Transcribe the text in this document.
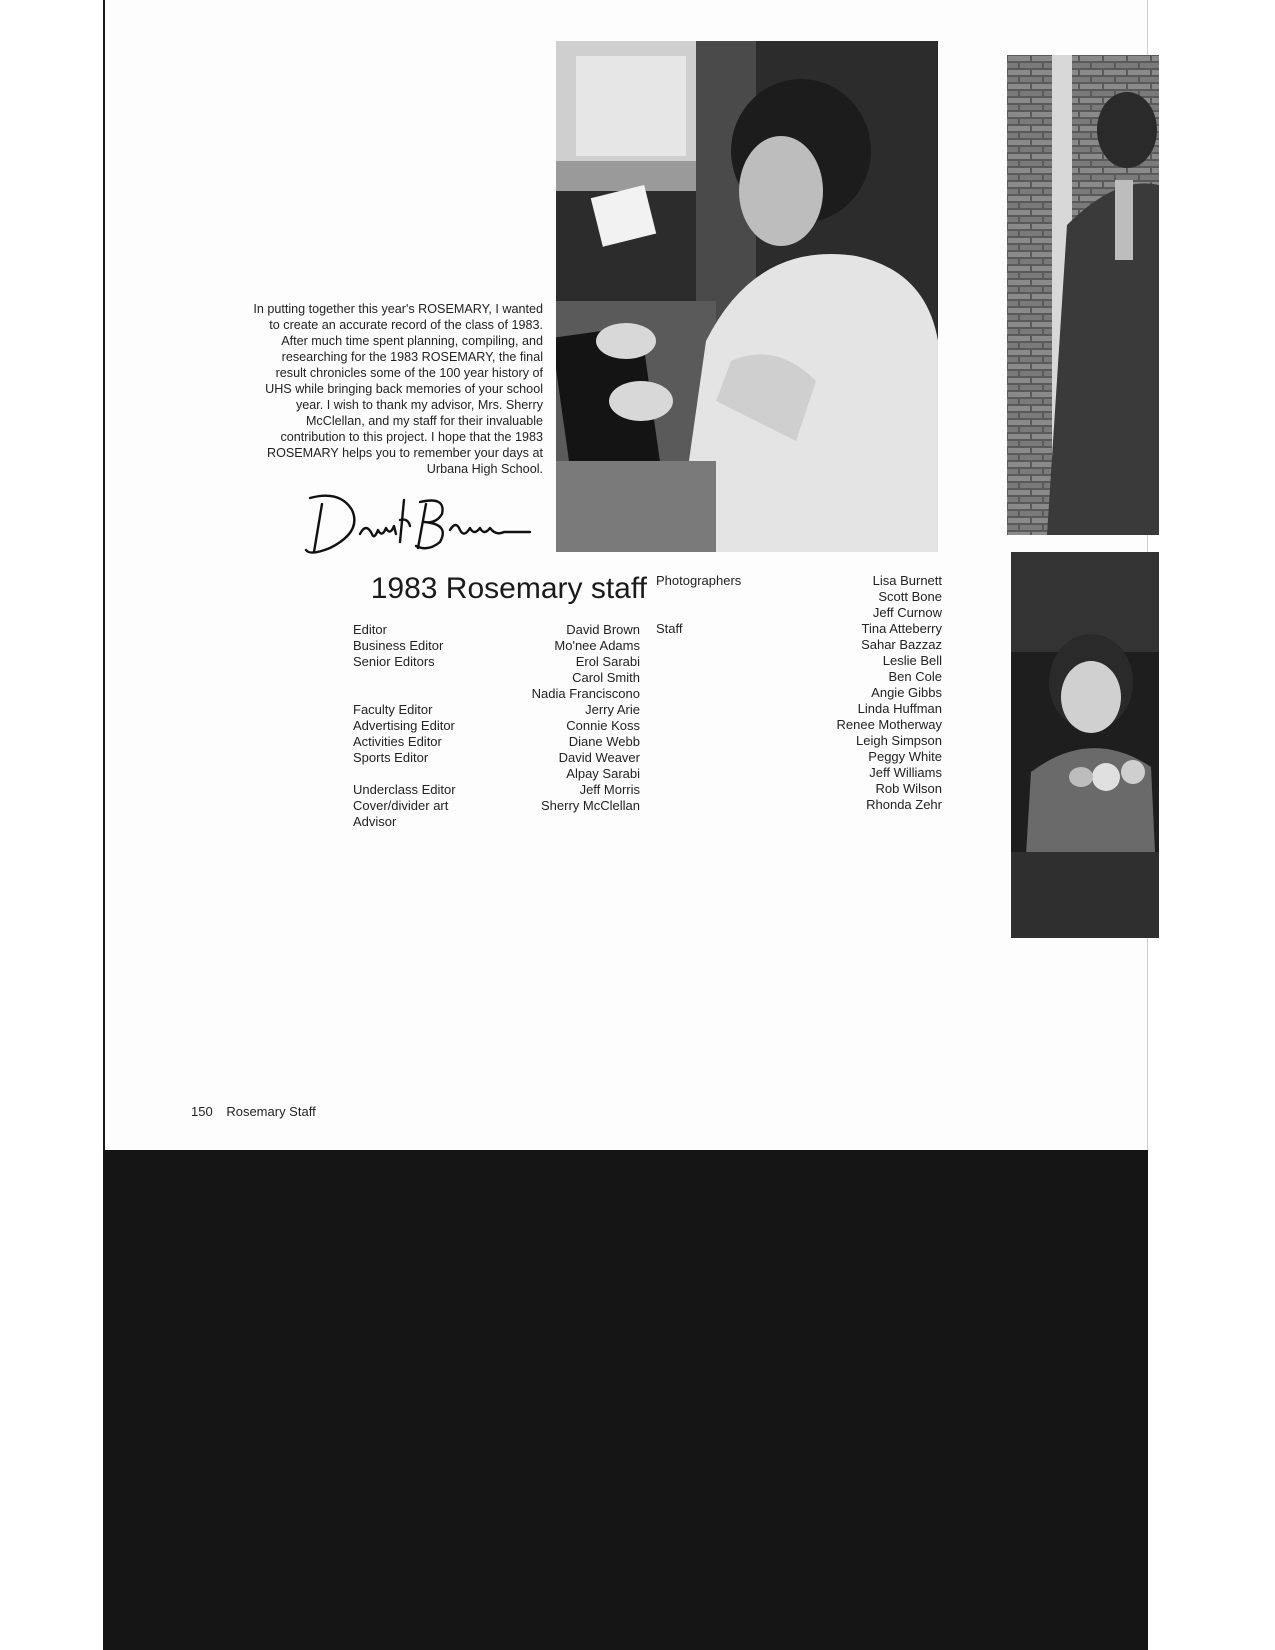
In putting together this year's ROSEMARY, I wanted to create an accurate record of the class of 1983. After much time spent planning, compiling, and researching for the 1983 ROSEMARY, the final result chronicles some of the 100 year history of UHS while bringing back memories of your school year. I wish to thank my advisor, Mrs. Sherry McClellan, and my staff for their invaluable contribution to this project. I hope that the 1983 ROSEMARY helps you to remember your days at Urbana High School.
1983 Rosemary staff
Editor
Business Editor
Senior Editors
Faculty Editor
Advertising Editor
Activities Editor
Sports Editor
Underclass Editor
Cover/divider art
Advisor
David Brown
Mo'nee Adams
Erol Sarabi
Carol Smith
Nadia Franciscono
Jerry Arie
Connie Koss
Diane Webb
David Weaver
Alpay Sarabi
Jeff Morris
Sherry McClellan
Photographers
Staff
Lisa Burnett
Scott Bone
Jeff Curnow
Tina Atteberry
Sahar Bazzaz
Leslie Bell
Ben Cole
Angie Gibbs
Linda Huffman
Renee Motherway
Leigh Simpson
Peggy White
Jeff Williams
Rob Wilson
Rhonda Zehr
150 Rosemary Staff
